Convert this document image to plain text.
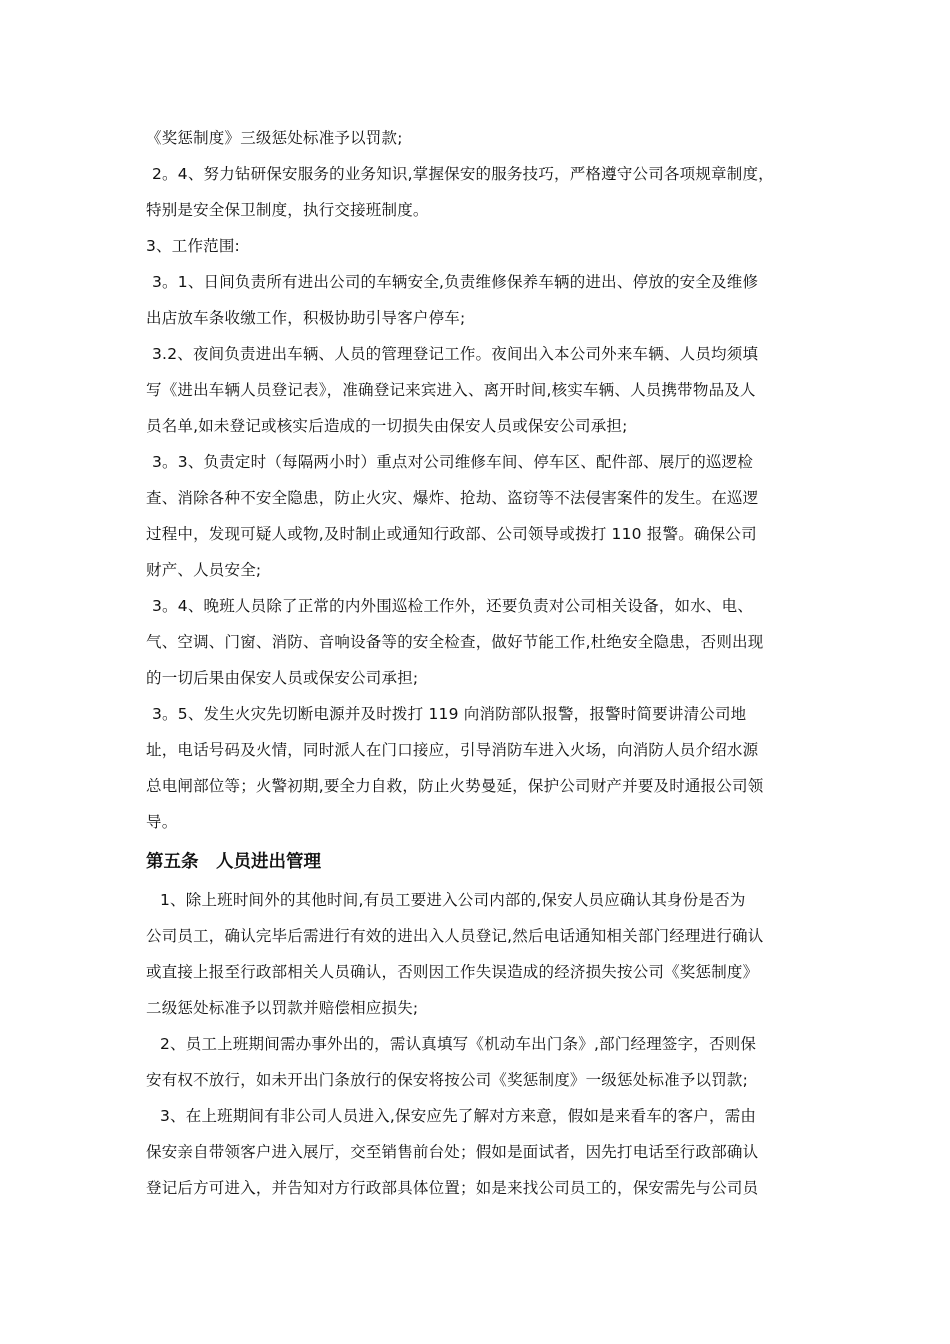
《奖惩制度》三级惩处标准予以罚款;
2。4、努力钻研保安服务的业务知识,掌握保安的服务技巧，严格遵守公司各项规章制度，
特别是安全保卫制度，执行交接班制度。
3、工作范围:
3。1、日间负责所有进出公司的车辆安全,负责维修保养车辆的进出、停放的安全及维修
出店放车条收缴工作，积极协助引导客户停车;
3.2、夜间负责进出车辆、人员的管理登记工作。夜间出入本公司外来车辆、人员均须填
写《进出车辆人员登记表》，准确登记来宾进入、离开时间,核实车辆、人员携带物品及人
员名单,如未登记或核实后造成的一切损失由保安人员或保安公司承担;
3。3、负责定时（每隔两小时）重点对公司维修车间、停车区、配件部、展厅的巡逻检
查、消除各种不安全隐患，防止火灾、爆炸、抢劫、盗窃等不法侵害案件的发生。在巡逻
过程中，发现可疑人或物,及时制止或通知行政部、公司领导或拨打 110 报警。确保公司
财产、人员安全;
3。4、晚班人员除了正常的内外围巡检工作外，还要负责对公司相关设备，如水、电、
气、空调、门窗、消防、音响设备等的安全检查，做好节能工作,杜绝安全隐患，否则出现
的一切后果由保安人员或保安公司承担;
3。5、发生火灾先切断电源并及时拨打 119 向消防部队报警，报警时简要讲清公司地
址，电话号码及火情，同时派人在门口接应，引导消防车进入火场，向消防人员介绍水源
总电闸部位等；火警初期,要全力自救，防止火势曼延，保护公司财产并要及时通报公司领
导。
第五条　人员进出管理
1、除上班时间外的其他时间,有员工要进入公司内部的,保安人员应确认其身份是否为
公司员工，确认完毕后需进行有效的进出入人员登记,然后电话通知相关部门经理进行确认
或直接上报至行政部相关人员确认，否则因工作失误造成的经济损失按公司《奖惩制度》
二级惩处标准予以罚款并赔偿相应损失;
2、员工上班期间需办事外出的，需认真填写《机动车出门条》,部门经理签字，否则保
安有权不放行，如未开出门条放行的保安将按公司《奖惩制度》一级惩处标准予以罚款;
3、在上班期间有非公司人员进入,保安应先了解对方来意，假如是来看车的客户，需由
保安亲自带领客户进入展厅，交至销售前台处；假如是面试者，因先打电话至行政部确认
登记后方可进入，并告知对方行政部具体位置；如是来找公司员工的，保安需先与公司员
